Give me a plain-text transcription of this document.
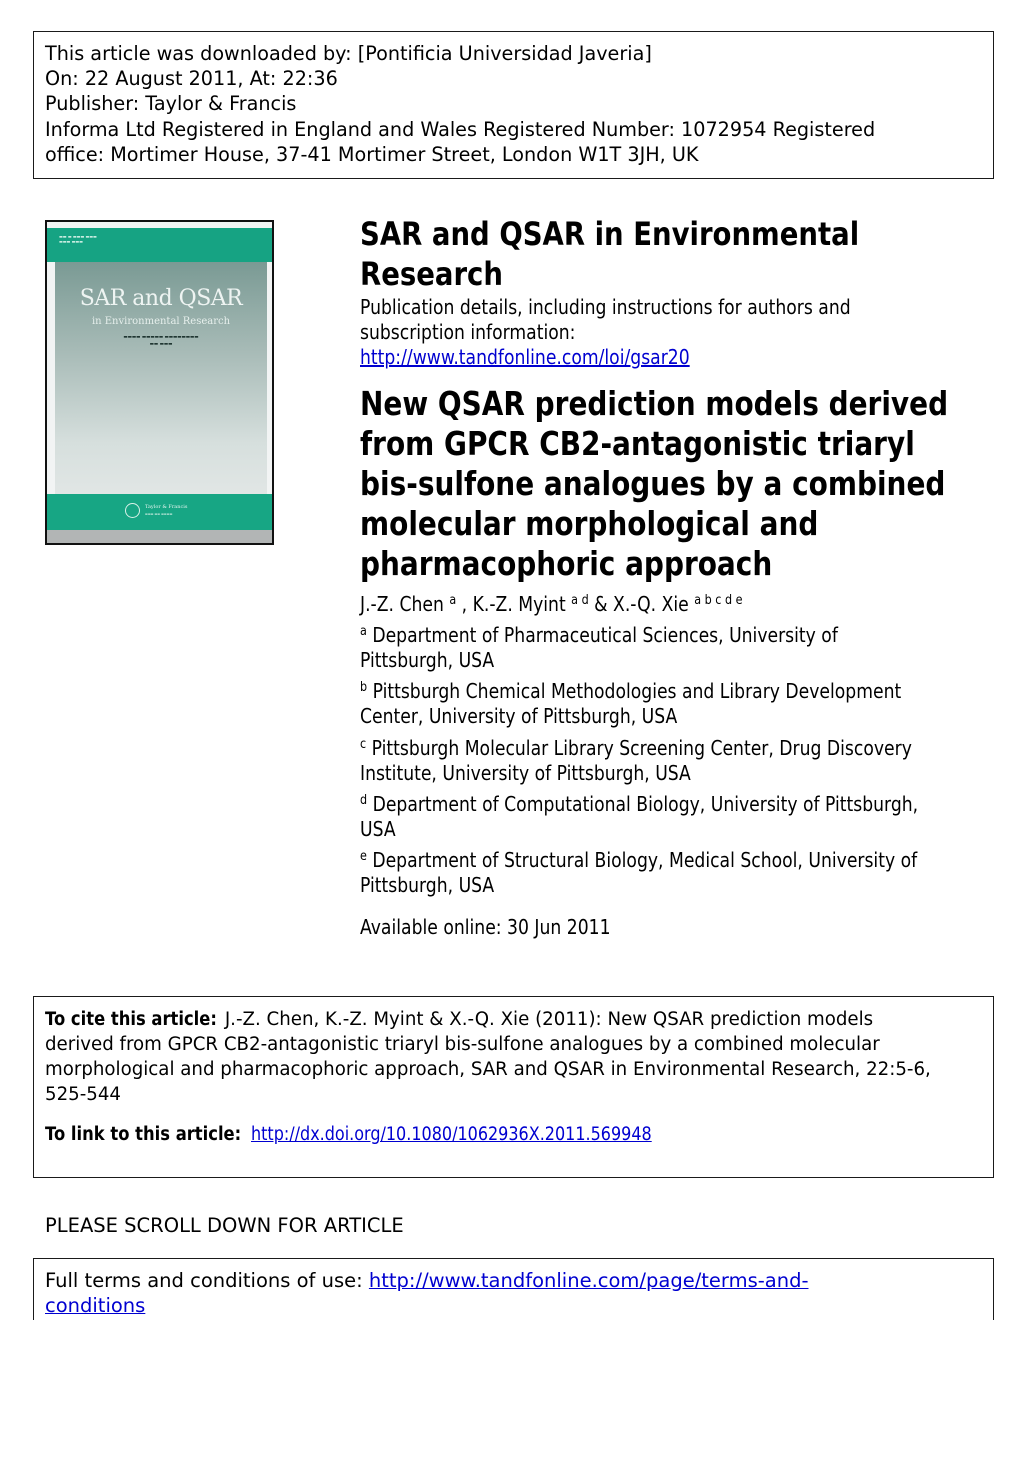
This article was downloaded by: [Pontificia Universidad Javeria]
On: 22 August 2011, At: 22:36
Publisher: Taylor & Francis
Informa Ltd Registered in England and Wales Registered Number: 1072954 Registered
office: Mortimer House, 37-41 Mortimer Street, London W1T 3JH, UK
▬▬ ▬ ▬▬▬ ▬▬▬
▬▬▬ ▬▬▬
SAR and QSAR
in Environmental Research
▬▬▬▬ ▬▬▬▬▬ ▬▬▬▬▬▬▬▬
▬▬ ▬▬▬
Taylor & Francis
▬▬▬ ▬▬ ▬▬▬▬
SAR and QSAR in Environmental
Research
Publication details, including instructions for authors and
subscription information:
http://www.tandfonline.com/loi/gsar20
New QSAR prediction models derived
from GPCR CB2-antagonistic triaryl
bis-sulfone analogues by a combined
molecular morphological and
pharmacophoric approach
J.-Z. Chen $^a$ , K.-Z. Myint $^{a d}$ & X.-Q. Xie $^{a b c d e}$
$^a$ Department of Pharmaceutical Sciences, University of
Pittsburgh, USA
$^b$ Pittsburgh Chemical Methodologies and Library Development
Center, University of Pittsburgh, USA
$^c$ Pittsburgh Molecular Library Screening Center, Drug Discovery
Institute, University of Pittsburgh, USA
$^d$ Department of Computational Biology, University of Pittsburgh,
USA
$^e$ Department of Structural Biology, Medical School, University of
Pittsburgh, USA
Available online: 30 Jun 2011
To cite this article: J.-Z. Chen, K.-Z. Myint & X.-Q. Xie (2011): New QSAR prediction models
derived from GPCR CB2-antagonistic triaryl bis-sulfone analogues by a combined molecular
morphological and pharmacophoric approach, SAR and QSAR in Environmental Research, 22:5-6,
525-544
To link to this article: http://dx.doi.org/10.1080/1062936X.2011.569948
PLEASE SCROLL DOWN FOR ARTICLE
Full terms and conditions of use: http://www.tandfonline.com/page/terms-and-
conditions
